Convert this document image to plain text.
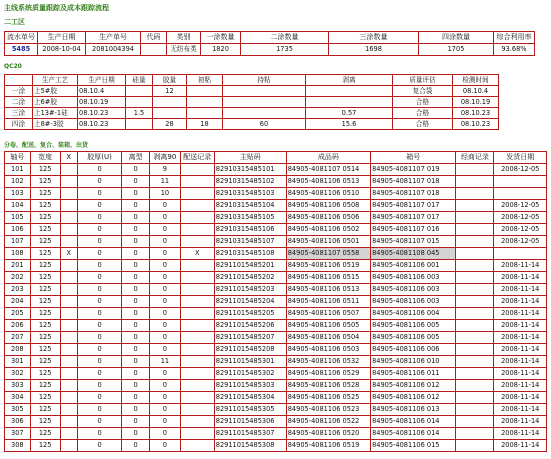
主线系统质量跟踪及成本跟踪流程
二工区
流水单号	生产日期	生产单号	代码	类别	一涂数量	二涂数量	三涂数量	四涂数量	综合利用率
5485	2008-10-04	2081004394		无纺布类	1820	1735	1698	1705	93.68%
QC20
	生产工艺	生产日期	硅量	胶量	初粘	持粘	剥离	质量评估	检测时间
一涂	上5#胶	08.10.4		12				复合袋	08.10.4
二涂	上6#胶	08.10.19						合格	08.10.19
三涂	上13#-1硅	08.10.23	1.5				0.57	合格	08.10.23
四涂	上8#-3胶	08.10.23		28	18	60	15.6	合格	08.10.23
分卷、配送、复合、装箱、出货
轴号	宽度	X	胶厚(U)	离型	剥离90	配送记录	主贴码	成品码	箱号	经商记录	发货日期
101	125		0	0	9		82910315485101	84905-4081107 0514	84905-4081107 019		2008-12-05
102	125		0	0	11		82910315485102	84905-4081106 0513	84905-4081107 018		
103	125		0	0	10		82910315485103	84905-4081106 0510	84905-4081107 018		
104	125		0	0	0		82910315485104	84905-4081106 0508	84905-4081107 017		2008-12-05
105	125		0	0	0		82910315485105	84905-4081106 0506	84905-4081107 017		2008-12-05
106	125		0	0	0		82910315485106	84905-4081106 0502	84905-4081107 016		2008-12-05
107	125		0	0	0		82910315485107	84905-4081106 0501	84905-4081107 015		2008-12-05
108	125	X	0	0	0	X	82910315485108	84905-4081107 0558	84905-4081108 045		
201	125		0	0	0		82911015485201	84905-4081106 0519	84905-4081106 001		2008-11-14
202	125		0	0	0		82911015485202	84905-4081106 0515	84905-4081106 003		2008-11-14
203	125		0	0	0		82911015485203	84905-4081106 0513	84905-4081106 003		2008-11-14
204	125		0	0	0		82911015485204	84905-4081106 0511	84905-4081106 003		2008-11-14
205	125		0	0	0		82911015485205	84905-4081106 0507	84905-4081106 004		2008-11-14
206	125		0	0	0		82911015485206	84905-4081106 0505	84905-4081106 005		2008-11-14
207	125		0	0	0		82911015485207	84905-4081106 0504	84905-4081106 005		2008-11-14
208	125		0	0	0		82911015485208	84905-4081106 0503	84905-4081106 006		2008-11-14
301	125		0	0	11		82911015485301	84905-4081106 0532	84905-4081106 010		2008-11-14
302	125		0	0	0		82911015485302	84905-4081106 0529	84905-4081106 011		2008-11-14
303	125		0	0	0		82911015485303	84905-4081106 0528	84905-4081106 012		2008-11-14
304	125		0	0	0		82911015485304	84905-4081106 0525	84905-4081106 012		2008-11-14
305	125		0	0	0		82911015485305	84905-4081106 0523	84905-4081106 013		2008-11-14
306	125		0	0	0		82911015485306	84905-4081106 0522	84905-4081106 014		2008-11-14
307	125		0	0	0		82911015485307	84905-4081106 0520	84905-4081106 014		2008-11-14
308	125		0	0	0		82911015485308	84905-4081106 0519	84905-4081106 015		2008-11-14
